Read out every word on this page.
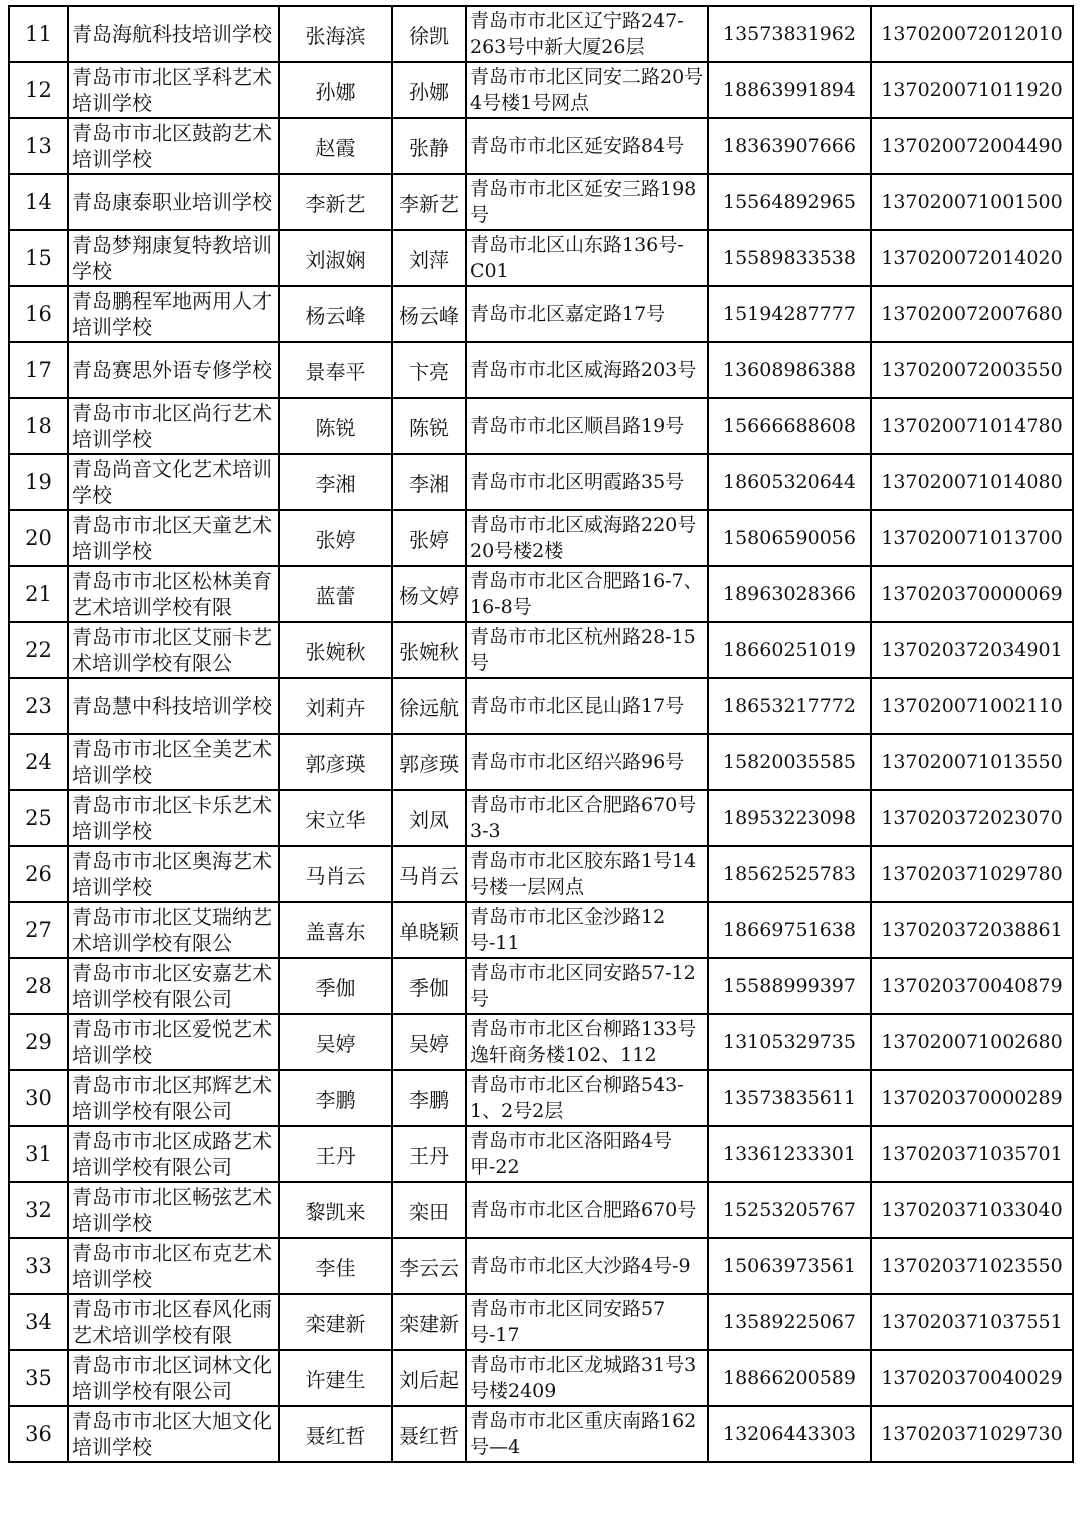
11	青岛海航科技培训学校	张海滨	徐凯	青岛市市北区辽宁路247-263号中新大厦26层	13573831962	137020072012010
12	青岛市市北区孚科艺术培训学校	孙娜	孙娜	青岛市市北区同安二路20号4号楼1号网点	18863991894	137020071011920
13	青岛市市北区鼓韵艺术培训学校	赵霞	张静	青岛市市北区延安路84号	18363907666	137020072004490
14	青岛康泰职业培训学校	李新艺	李新艺	青岛市市北区延安三路198号	15564892965	137020071001500
15	青岛梦翔康复特教培训学校	刘淑娴	刘萍	青岛市北区山东路136号-C01	15589833538	137020072014020
16	青岛鹏程军地两用人才培训学校	杨云峰	杨云峰	青岛市北区嘉定路17号	15194287777	137020072007680
17	青岛赛思外语专修学校	景奉平	卞亮	青岛市市北区威海路203号	13608986388	137020072003550
18	青岛市市北区尚行艺术培训学校	陈锐	陈锐	青岛市市北区顺昌路19号	15666688608	137020071014780
19	青岛尚音文化艺术培训学校	李湘	李湘	青岛市市北区明霞路35号	18605320644	137020071014080
20	青岛市市北区天童艺术培训学校	张婷	张婷	青岛市市北区威海路220号20号楼2楼	15806590056	137020071013700
21	青岛市市北区松林美育艺术培训学校有限	蓝蕾	杨文婷	青岛市市北区合肥路16-7、16-8号	18963028366	137020370000069
22	青岛市市北区艾丽卡艺术培训学校有限公	张婉秋	张婉秋	青岛市市北区杭州路28-15号	18660251019	137020372034901
23	青岛慧中科技培训学校	刘莉卉	徐远航	青岛市市北区昆山路17号	18653217772	137020071002110
24	青岛市市北区全美艺术培训学校	郭彦瑛	郭彦瑛	青岛市市北区绍兴路96号	15820035585	137020071013550
25	青岛市市北区卡乐艺术培训学校	宋立华	刘凤	青岛市市北区合肥路670号3-3	18953223098	137020372023070
26	青岛市市北区奥海艺术培训学校	马肖云	马肖云	青岛市市北区胶东路1号14号楼一层网点	18562525783	137020371029780
27	青岛市市北区艾瑞纳艺术培训学校有限公	盖喜东	单晓颖	青岛市市北区金沙路12号-11	18669751638	137020372038861
28	青岛市市北区安嘉艺术培训学校有限公司	季伽	季伽	青岛市市北区同安路57-12号	15588999397	137020370040879
29	青岛市市北区爱悦艺术培训学校	吴婷	吴婷	青岛市市北区台柳路133号逸轩商务楼102、112	13105329735	137020071002680
30	青岛市市北区邦辉艺术培训学校有限公司	李鹏	李鹏	青岛市市北区台柳路543-1、2号2层	13573835611	137020370000289
31	青岛市市北区成路艺术培训学校有限公司	王丹	王丹	青岛市市北区洛阳路4号甲-22	13361233301	137020371035701
32	青岛市市北区畅弦艺术培训学校	黎凯来	栾田	青岛市市北区合肥路670号	15253205767	137020371033040
33	青岛市市北区布克艺术培训学校	李佳	李云云	青岛市市北区大沙路4号-9	15063973561	137020371023550
34	青岛市市北区春风化雨艺术培训学校有限	栾建新	栾建新	青岛市市北区同安路57号-17	13589225067	137020371037551
35	青岛市市北区词林文化培训学校有限公司	许建生	刘后起	青岛市市北区龙城路31号3号楼2409	18866200589	137020370040029
36	青岛市市北区大旭文化培训学校	聂红哲	聂红哲	青岛市市北区重庆南路162号—4	13206443303	137020371029730
